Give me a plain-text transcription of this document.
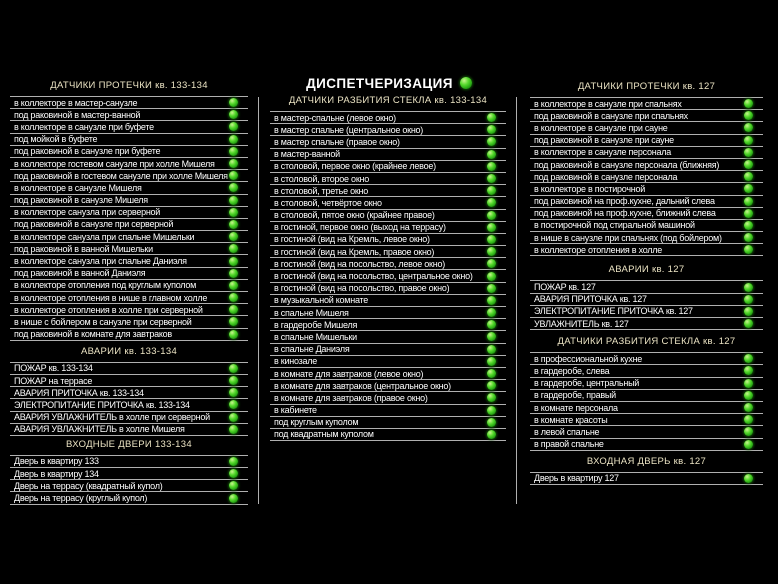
ДИСПЕТЧЕРИЗАЦИЯ
ДАТЧИКИ ПРОТЕЧКИ кв. 133-134
в коллекторе в мастер-санузле
под раковиной в мастер-ванной
в коллекторе в санузле при буфете
под мойкой в буфете
под раковиной в санузле при буфете
в коллекторе гостевом санузле при холле Мишеля
под раковиной в гостевом санузле при холле Мишеля
в коллекторе в санузле Мишеля
под раковиной в санузле Мишеля
в коллекторе санузла при серверной
под раковиной в санузле при серверной
в коллекторе санузла при спальне Мишельки
под раковиной в ванной Мишельки
в коллекторе санузла при спальне Даниэля
под раковиной в ванной Даниэля
в коллекторе отопления под круглым куполом
в коллекторе отопления в нише в главном холле
в коллекторе отопления в холле при серверной
в нише с бойлером в санузле при серверной
под раковиной в комнате для завтраков
АВАРИИ кв. 133-134
ПОЖАР кв. 133-134
ПОЖАР на террасе
АВАРИЯ ПРИТОЧКА кв. 133-134
ЭЛЕКТРОПИТАНИЕ ПРИТОЧКА кв. 133-134
АВАРИЯ УВЛАЖНИТЕЛЬ в холле при серверной
АВАРИЯ УВЛАЖНИТЕЛЬ в холле Мишеля
ВХОДНЫЕ ДВЕРИ 133-134
Дверь в квартиру 133
Дверь в квартиру 134
Дверь на террасу (квадратный купол)
Дверь на террасу (круглый купол)
ДАТЧИКИ РАЗБИТИЯ СТЕКЛА кв. 133-134
в мастер-спальне (левое окно)
в мастер спальне (центральное окно)
в мастер спальне (правое окно)
в мастер-ванной
в столовой, первое окно (крайнее левое)
в столовой, второе окно
в столовой, третье окно
в столовой, четвёртое окно
в столовой, пятое окно (крайнее правое)
в гостиной, первое окно (выход на террасу)
в гостиной (вид на Кремль, левое окно)
в гостиной (вид на Кремль, правое окно)
в гостиной (вид на посольство, левое окно)
в гостиной (вид на посольство, центральное окно)
в гостиной (вид на посольство, правое окно)
в музыкальной комнате
в спальне Мишеля
в гардеробе Мишеля
в спальне Мишельки
в спальне Даниэля
в кинозале
в комнате для завтраков (левое окно)
в комнате для завтраков (центральное окно)
в комнате для завтраков (правое окно)
в кабинете
под круглым куполом
под квадратным куполом
ДАТЧИКИ ПРОТЕЧКИ кв. 127
в коллекторе в санузле при спальнях
под раковиной в санузле при спальнях
в коллекторе в санузле при сауне
под раковиной в санузле при сауне
в коллекторе в санузле персонала
под раковиной в санузле персонала (ближняя)
под раковиной в санузле персонала
в коллекторе в постирочной
под раковиной на проф.кухне, дальний слева
под раковиной на проф.кухне, ближний слева
в постирочной под стиральной машиной
в нише в санузле при спальнях (под бойлером)
в коллекторе отопления в холле
АВАРИИ кв. 127
ПОЖАР кв. 127
АВАРИЯ ПРИТОЧКА кв. 127
ЭЛЕКТРОПИТАНИЕ ПРИТОЧКА кв. 127
УВЛАЖНИТЕЛЬ кв. 127
ДАТЧИКИ РАЗБИТИЯ СТЕКЛА кв. 127
в профессиональной кухне
в гардеробе, слева
в гардеробе, центральный
в гардеробе, правый
в комнате персонала
в комнате красоты
в левой спальне
в правой спальне
ВХОДНАЯ ДВЕРЬ кв. 127
Дверь в квартиру 127
